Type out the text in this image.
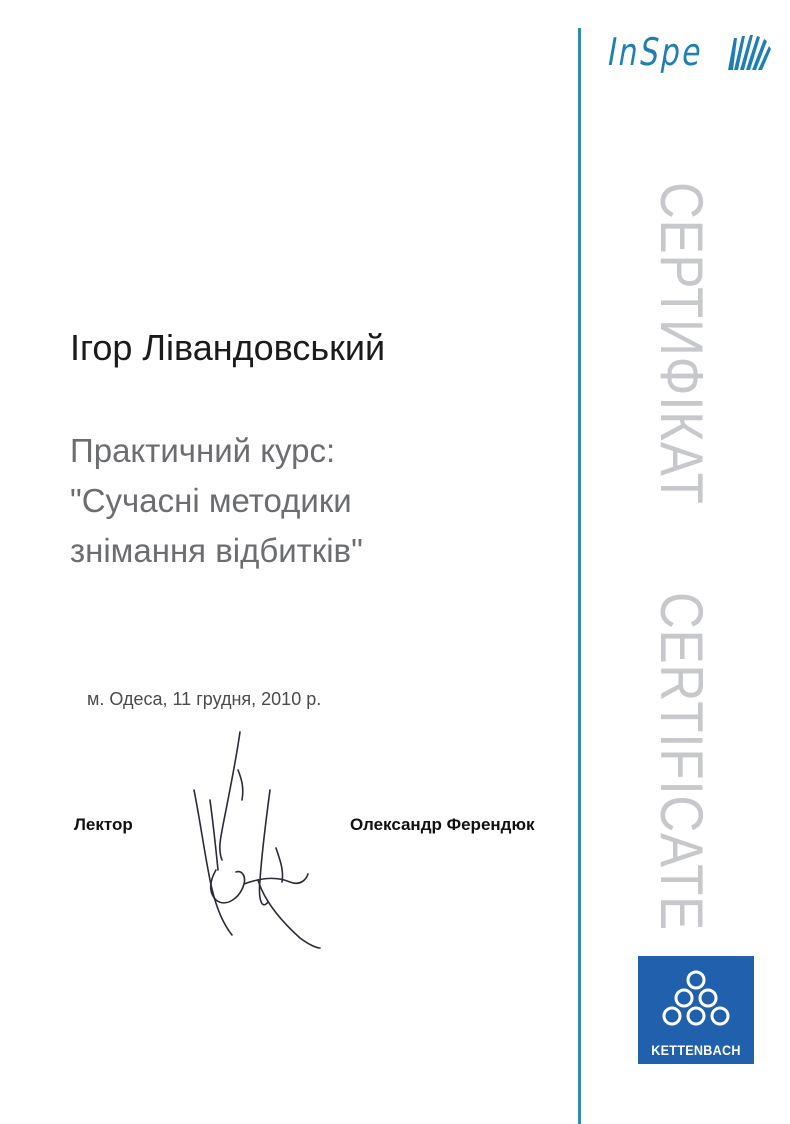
InSpe
СЕРТИФІКАТ
CERTIFICATE
Ігор Лівандовський
Практичний курс:
"Сучасні методики
знімання відбитків"
м. Одеса, 11 грудня, 2010 р.
Лектор	Олександр Ферендюк
KETTENBACH
